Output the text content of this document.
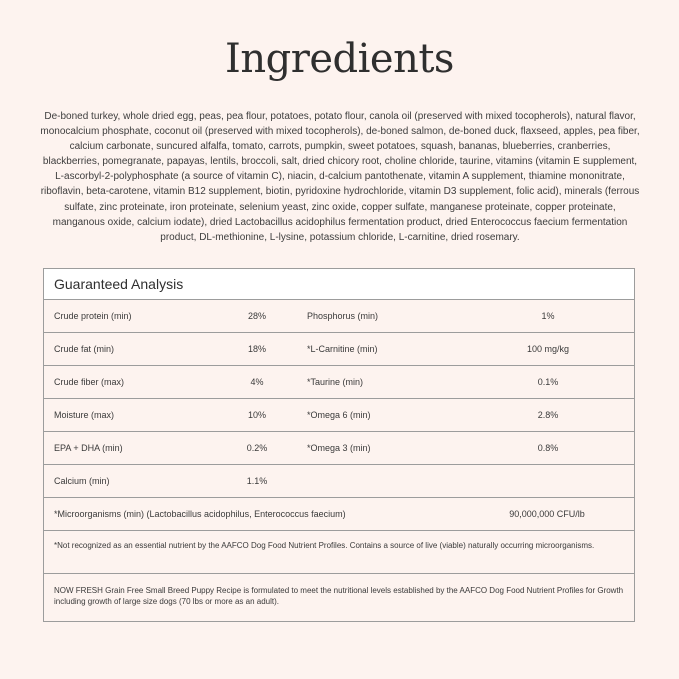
Ingredients
De-boned turkey, whole dried egg, peas, pea flour, potatoes, potato flour, canola oil (preserved with mixed tocopherols), natural flavor, monocalcium phosphate, coconut oil (preserved with mixed tocopherols), de-boned salmon, de-boned duck, flaxseed, apples, pea fiber, calcium carbonate, suncured alfalfa, tomato, carrots, pumpkin, sweet potatoes, squash, bananas, blueberries, cranberries, blackberries, pomegranate, papayas, lentils, broccoli, salt, dried chicory root, choline chloride, taurine, vitamins (vitamin E supplement, L-ascorbyl-2-polyphosphate (a source of vitamin C), niacin, d-calcium pantothenate, vitamin A supplement, thiamine mononitrate, riboflavin, beta-carotene, vitamin B12 supplement, biotin, pyridoxine hydrochloride, vitamin D3 supplement, folic acid), minerals (ferrous sulfate, zinc proteinate, iron proteinate, selenium yeast, zinc oxide, copper sulfate, manganese proteinate, copper proteinate, manganous oxide, calcium iodate), dried Lactobacillus acidophilus fermentation product, dried Enterococcus faecium fermentation product, DL-methionine, L-lysine, potassium chloride, L-carnitine, dried rosemary.
Guaranteed Analysis
Crude protein (min)	28%	Phosphorus (min)	1%
Crude fat (min)	18%	*L-Carnitine (min)	100 mg/kg
Crude fiber (max)	4%	*Taurine (min)	0.1%
Moisture (max)	10%	*Omega 6 (min)	2.8%
EPA + DHA (min)	0.2%	*Omega 3 (min)	0.8%
Calcium (min)	1.1%
*Microorganisms (min) (Lactobacillus acidophilus, Enterococcus faecium)	90,000,000 CFU/lb
*Not recognized as an essential nutrient by the AAFCO Dog Food Nutrient Profiles. Contains a source of live (viable) naturally occurring microorganisms.
NOW FRESH Grain Free Small Breed Puppy Recipe is formulated to meet the nutritional levels established by the AAFCO Dog Food Nutrient Profiles for Growth including growth of large size dogs (70 lbs or more as an adult).
